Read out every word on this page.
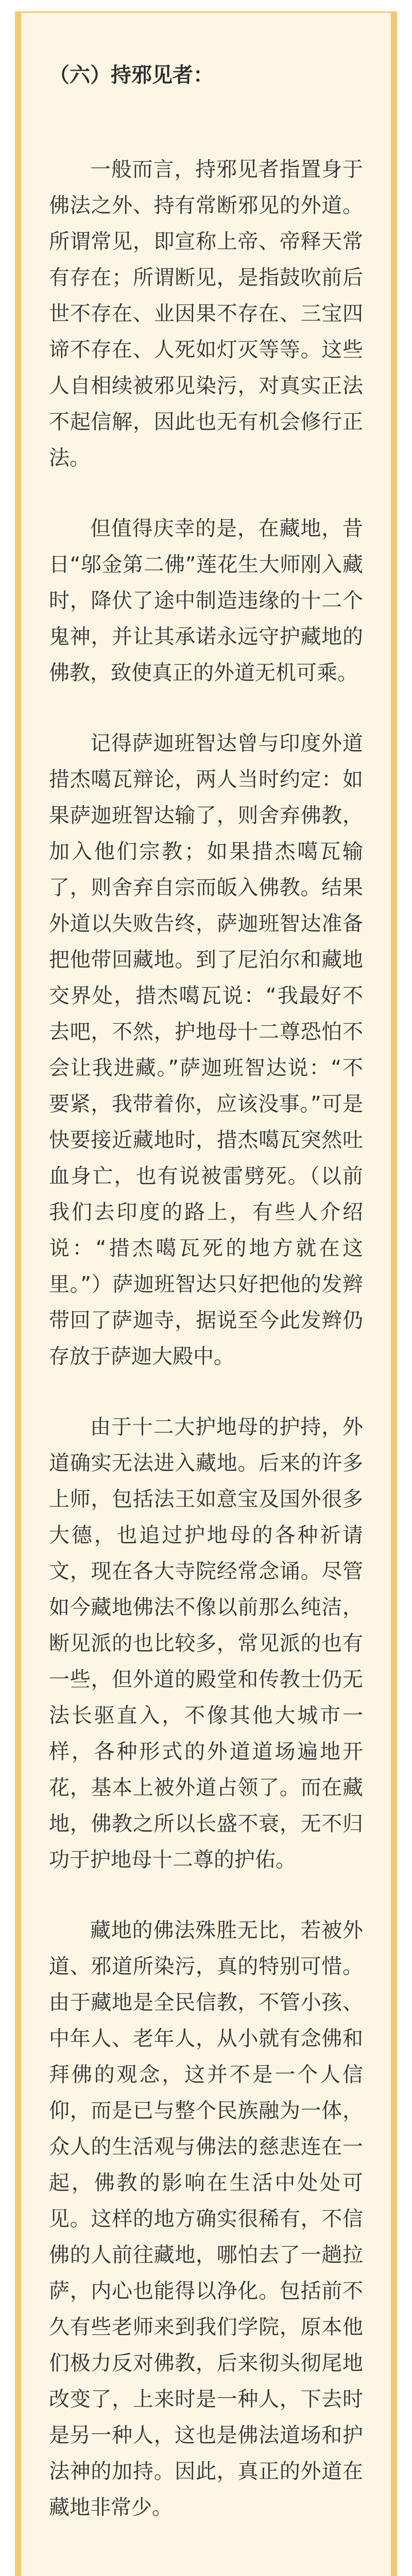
（六）持邪见者：

一般而言，持邪见者指置身于佛法之外、持有常断邪见的外道。所谓常见，即宣称上帝、帝释天常有存在；所谓断见，是指鼓吹前后世不存在、业因果不存在、三宝四谛不存在、人死如灯灭等等。这些人自相续被邪见染污，对真实正法不起信解，因此也无有机会修行正法。

但值得庆幸的是，在藏地，昔日“邬金第二佛”莲花生大师刚入藏时，降伏了途中制造违缘的十二个鬼神，并让其承诺永远守护藏地的佛教，致使真正的外道无机可乘。

记得萨迦班智达曾与印度外道措杰噶瓦辩论，两人当时约定：如果萨迦班智达输了，则舍弃佛教，加入他们宗教；如果措杰噶瓦输了，则舍弃自宗而皈入佛教。结果外道以失败告终，萨迦班智达准备把他带回藏地。到了尼泊尔和藏地交界处，措杰噶瓦说：“我最好不去吧，不然，护地母十二尊恐怕不会让我进藏。”萨迦班智达说：“不要紧，我带着你，应该没事。”可是快要接近藏地时，措杰噶瓦突然吐血身亡，也有说被雷劈死。（以前我们去印度的路上，有些人介绍说：“措杰噶瓦死的地方就在这里。”）萨迦班智达只好把他的发辫带回了萨迦寺，据说至今此发辫仍存放于萨迦大殿中。

由于十二大护地母的护持，外道确实无法进入藏地。后来的许多上师，包括法王如意宝及国外很多大德，也追过护地母的各种祈请文，现在各大寺院经常念诵。尽管如今藏地佛法不像以前那么纯洁，断见派的也比较多，常见派的也有一些，但外道的殿堂和传教士仍无法长驱直入，不像其他大城市一样，各种形式的外道道场遍地开花，基本上被外道占领了。而在藏地，佛教之所以长盛不衰，无不归功于护地母十二尊的护佑。

藏地的佛法殊胜无比，若被外道、邪道所染污，真的特别可惜。由于藏地是全民信教，不管小孩、中年人、老年人，从小就有念佛和拜佛的观念，这并不是一个人信仰，而是已与整个民族融为一体，众人的生活观与佛法的慈悲连在一起，佛教的影响在生活中处处可见。这样的地方确实很稀有，不信佛的人前往藏地，哪怕去了一趟拉萨，内心也能得以净化。包括前不久有些老师来到我们学院，原本他们极力反对佛教，后来彻头彻尾地改变了，上来时是一种人，下去时是另一种人，这也是佛法道场和护法神的加持。因此，真正的外道在藏地非常少。
